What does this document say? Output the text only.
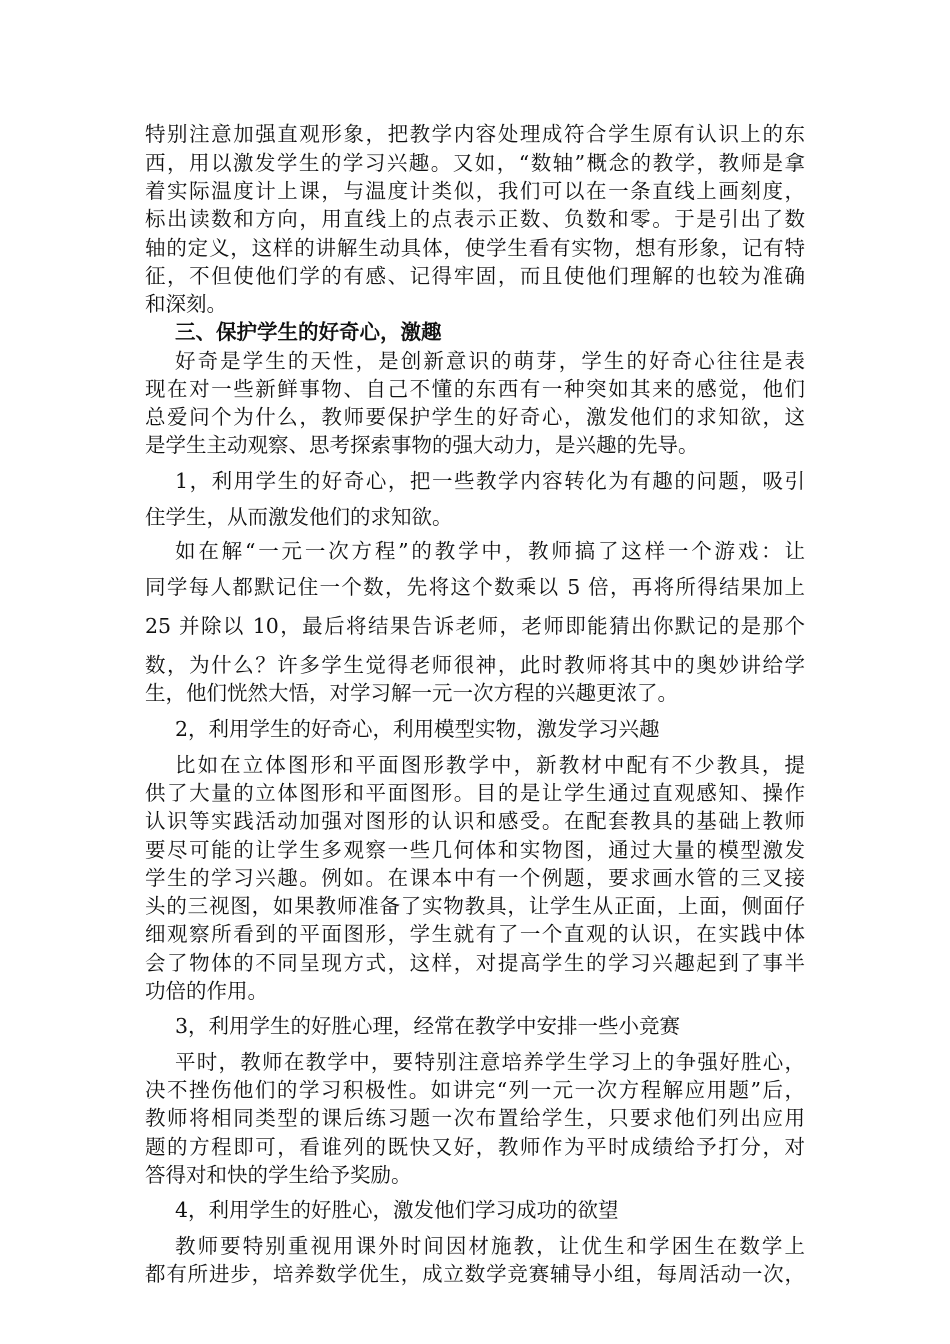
特别注意加强直观形象，把教学内容处理成符合学生原有认识上的东
西，用以激发学生的学习兴趣。又如，“数轴”概念的教学，教师是拿
着实际温度计上课，与温度计类似，我们可以在一条直线上画刻度，
标出读数和方向，用直线上的点表示正数、负数和零。于是引出了数
轴的定义，这样的讲解生动具体，使学生看有实物，想有形象，记有特
征，不但使他们学的有感、记得牢固，而且使他们理解的也较为准确
和深刻。
三、保护学生的好奇心，激趣
好奇是学生的天性，是创新意识的萌芽，学生的好奇心往往是表
现在对一些新鲜事物、自己不懂的东西有一种突如其来的感觉，他们
总爱问个为什么，教师要保护学生的好奇心，激发他们的求知欲，这
是学生主动观察、思考探索事物的强大动力，是兴趣的先导。
1，利用学生的好奇心，把一些教学内容转化为有趣的问题，吸引
住学生，从而激发他们的求知欲。
如在解“一元一次方程”的教学中，教师搞了这样一个游戏：让
同学每人都默记住一个数，先将这个数乘以 5 倍，再将所得结果加上
25 并除以 10，最后将结果告诉老师，老师即能猜出你默记的是那个
数，为什么？许多学生觉得老师很神，此时教师将其中的奥妙讲给学
生，他们恍然大悟，对学习解一元一次方程的兴趣更浓了。
2，利用学生的好奇心，利用模型实物，激发学习兴趣
比如在立体图形和平面图形教学中，新教材中配有不少教具，提
供了大量的立体图形和平面图形。目的是让学生通过直观感知、操作
认识等实践活动加强对图形的认识和感受。在配套教具的基础上教师
要尽可能的让学生多观察一些几何体和实物图，通过大量的模型激发
学生的学习兴趣。例如。在课本中有一个例题，要求画水管的三叉接
头的三视图，如果教师准备了实物教具，让学生从正面，上面，侧面仔
细观察所看到的平面图形，学生就有了一个直观的认识，在实践中体
会了物体的不同呈现方式，这样，对提高学生的学习兴趣起到了事半
功倍的作用。
3，利用学生的好胜心理，经常在教学中安排一些小竞赛
平时，教师在教学中，要特别注意培养学生学习上的争强好胜心，
决不挫伤他们的学习积极性。如讲完“列一元一次方程解应用题”后，
教师将相同类型的课后练习题一次布置给学生，只要求他们列出应用
题的方程即可，看谁列的既快又好，教师作为平时成绩给予打分，对
答得对和快的学生给予奖励。
4，利用学生的好胜心，激发他们学习成功的欲望
教师要特别重视用课外时间因材施教，让优生和学困生在数学上
都有所进步，培养数学优生，成立数学竞赛辅导小组，每周活动一次，
